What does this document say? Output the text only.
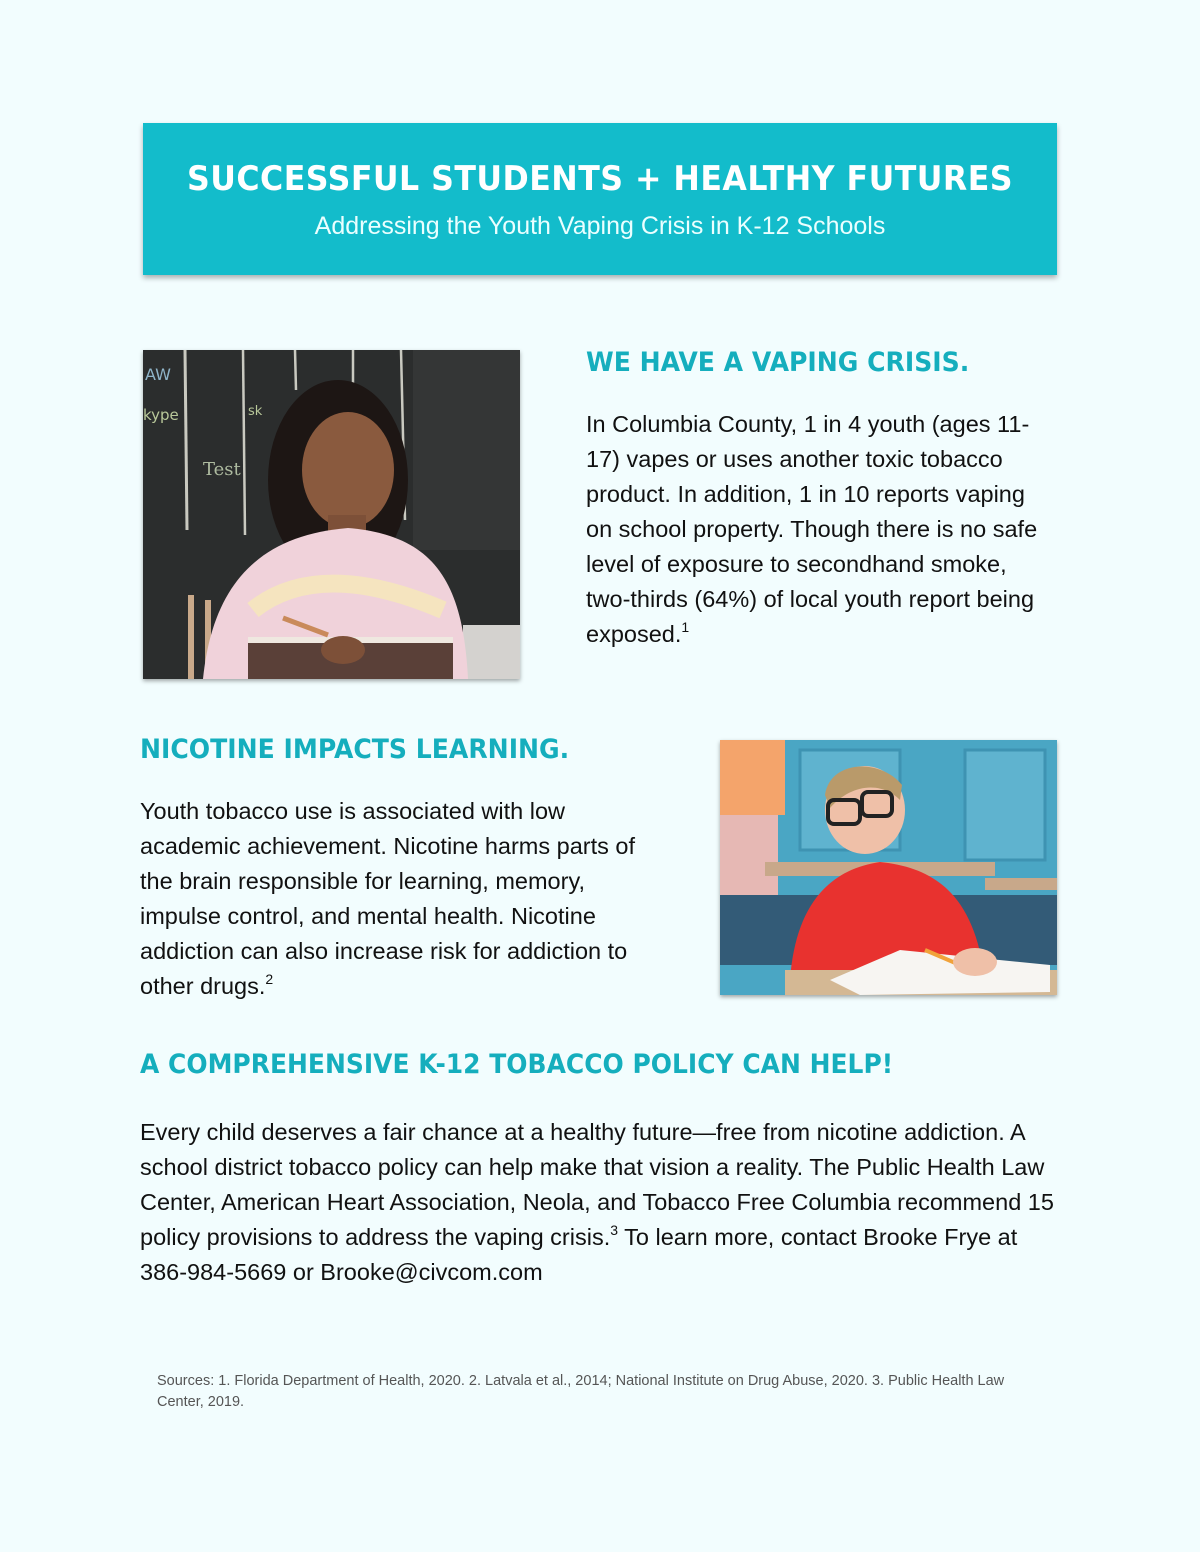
SUCCESSFUL STUDENTS + HEALTHY FUTURES
Addressing the Youth Vaping Crisis in K-12 Schools
AW
kype	sk
Test
WE HAVE A VAPING CRISIS.
In Columbia County, 1 in 4 youth (ages 11-17) vapes or uses another toxic tobacco product. In addition, 1 in 10 reports vaping on school property. Though there is no safe level of exposure to secondhand smoke, two-thirds (64%) of local youth report being exposed.$^1$
NICOTINE IMPACTS LEARNING.
Youth tobacco use is associated with low academic achievement. Nicotine harms parts of the brain responsible for learning, memory, impulse control, and mental health. Nicotine addiction can also increase risk for addiction to other drugs.$^2$
A COMPREHENSIVE K-12 TOBACCO POLICY CAN HELP!
Every child deserves a fair chance at a healthy future—free from nicotine addiction. A school district tobacco policy can help make that vision a reality. The Public Health Law Center, American Heart Association, Neola, and Tobacco Free Columbia recommend 15 policy provisions to address the vaping crisis.$^3$ To learn more, contact Brooke Frye at 386-984-5669 or Brooke@civcom.com
Sources: 1. Florida Department of Health, 2020. 2. Latvala et al., 2014; National Institute on Drug Abuse, 2020. 3. Public Health Law Center, 2019.
